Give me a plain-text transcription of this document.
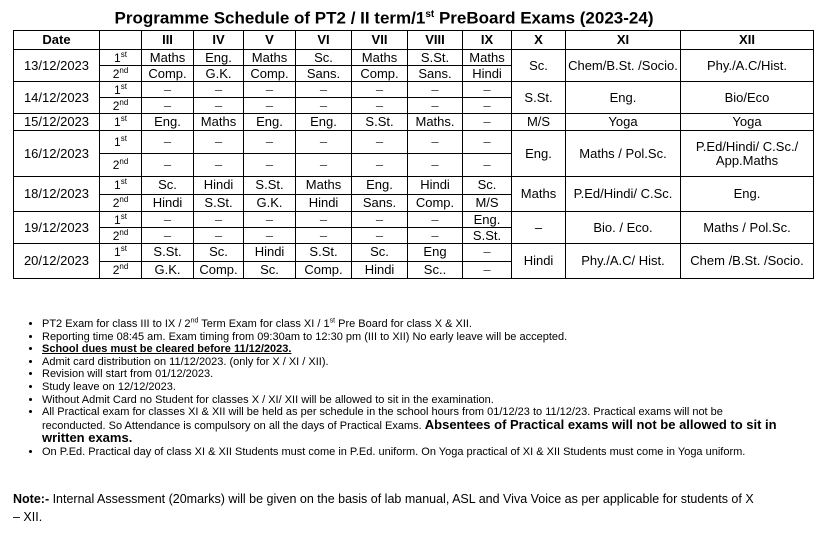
Programme Schedule of PT2 / II term/1st PreBoard Exams (2023-24)
Date		III	IV	V	VI	VII	VIII	IX	X	XI	XII
13/12/2023	1st	Maths	Eng.	Maths	Sc.	Maths	S.St.	Maths	Sc.	Chem/B.St. /Socio.	Phy./A.C/Hist.
	2nd	Comp.	G.K.	Comp.	Sans.	Comp.	Sans.	Hindi			
14/12/2023	1st	–	–	–	–	–	–	–	S.St.	Eng.	Bio/Eco
	2nd	–	–	–	–	–	–	–			
15/12/2023	1st	Eng.	Maths	Eng.	Eng.	S.St.	Maths.	–	M/S	Yoga	Yoga
16/12/2023	1st	–	–	–	–	–	–	–	Eng.	Maths / Pol.Sc.	P.Ed/Hindi/ C.Sc./ App.Maths
	2nd	–	–	–	–	–	–	–			
18/12/2023	1st	Sc.	Hindi	S.St.	Maths	Eng.	Hindi	Sc.	Maths	P.Ed/Hindi/ C.Sc.	Eng.
	2nd	Hindi	S.St.	G.K.	Hindi	Sans.	Comp.	M/S			
19/12/2023	1st	–	–	–	–	–	–	Eng.	–	Bio. / Eco.	Maths / Pol.Sc.
	2nd	–	–	–	–	–	–	S.St.			
20/12/2023	1st	S.St.	Sc.	Hindi	S.St.	Sc.	Eng	–	Hindi	Phy./A.C/ Hist.	Chem /B.St. /Socio.
	2nd	G.K.	Comp.	Sc.	Comp.	Hindi	Sc..	–			
• PT2 Exam for class III to IX / 2nd Term Exam for class XI / 1st Pre Board for class X & XII.
• Reporting time 08:45 am. Exam timing from 09:30am to 12:30 pm (III to XII) No early leave will be accepted.
• School dues must be cleared before 11/12/2023.
• Admit card distribution on 11/12/2023. (only for X / XI / XII).
• Revision will start from 01/12/2023.
• Study leave on 12/12/2023.
• Without Admit Card no Student for classes X / XI/ XII will be allowed to sit in the examination.
• All Practical exam for classes XI & XII will be held as per schedule in the school hours from 01/12/23 to 11/12/23. Practical exams will not be reconducted. So Attendance is compulsory on all the days of Practical Exams. Absentees of Practical exams will not be allowed to sit in written exams.
• On P.Ed. Practical day of class XI & XII Students must come in P.Ed. uniform. On Yoga practical of XI & XII Students must come in Yoga uniform.
Note:- Internal Assessment (20marks) will be given on the basis of lab manual, ASL and Viva Voice as per applicable for students of X – XII.
